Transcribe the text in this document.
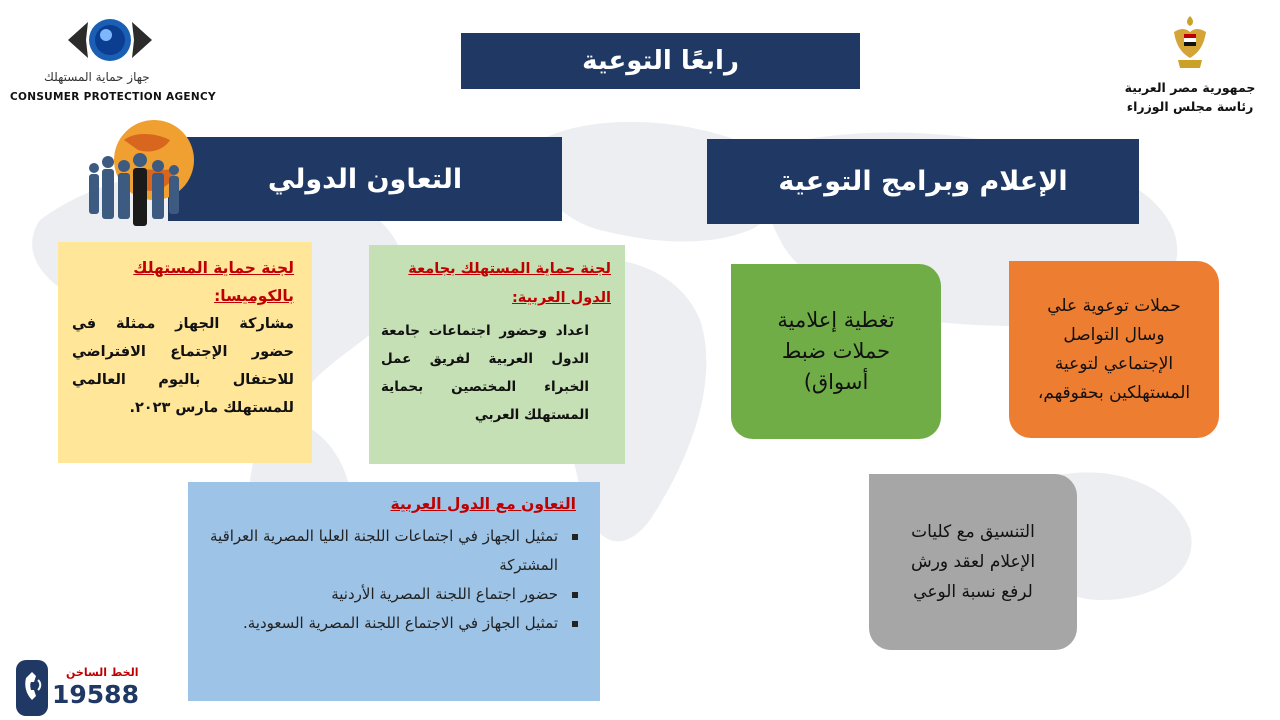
رابعًا التوعية
جهاز حماية المستهلك
CONSUMER PROTECTION AGENCY
جمهورية مصر العربية
رئاسة مجلس الوزراء
الإعلام وبرامج التوعية
التعاون الدولي
حملات توعوية علي
وسال التواصل
الإجتماعي لتوعية
المستهلكين بحقوقهم،
تغطية إعلامية
حملات ضبط
أسواق)
التنسيق مع كليات
الإعلام لعقد ورش
لرفع نسبة الوعي
لجنة حماية المستهلك بجامعة الدول العربية:
اعداد وحضور اجتماعات جامعة الدول العربية لفريق عمل الخبراء المختصين بحماية المستهلك العربي
لجنة حماية المستهلك بالكوميسا:
مشاركة الجهاز ممثلة في حضور الإجتماع الافتراضي للاحتفال باليوم العالمي للمستهلك مارس ٢٠٢٣.
التعاون مع الدول العربية
تمثيل الجهاز في اجتماعات اللجنة العليا المصرية العراقية المشتركة
حضور اجتماع اللجنة المصرية الأردنية
تمثيل الجهاز في الاجتماع اللجنة المصرية السعودية.
الخط الساخن
19588
